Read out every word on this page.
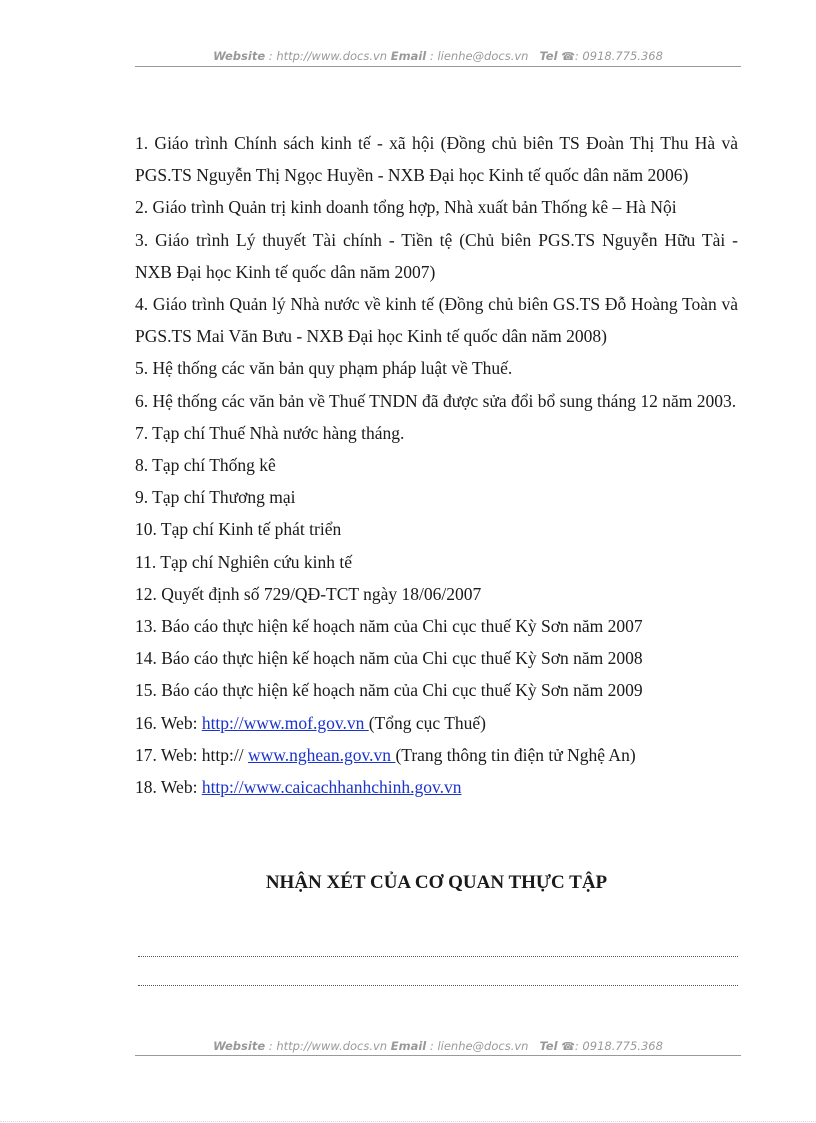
Website : http://www.docs.vn Email : lienhe@docs.vn Tel ☎: 0918.775.368

1. Giáo trình Chính sách kinh tế - xã hội (Đồng chủ biên TS Đoàn Thị Thu Hà và PGS.TS Nguyễn Thị Ngọc Huyền - NXB Đại học Kinh tế quốc dân năm 2006)

2. Giáo trình Quản trị kinh doanh tổng hợp, Nhà xuất bản Thống kê – Hà Nội

3. Giáo trình Lý thuyết Tài chính - Tiền tệ (Chủ biên PGS.TS Nguyễn Hữu Tài - NXB Đại học Kinh tế quốc dân năm 2007)

4. Giáo trình Quản lý Nhà nước về kinh tế (Đồng chủ biên GS.TS Đỗ Hoàng Toàn và PGS.TS Mai Văn Bưu - NXB Đại học Kinh tế quốc dân năm 2008)

5. Hệ thống các văn bản quy phạm pháp luật về Thuế.

6. Hệ thống các văn bản về Thuế TNDN đã được sửa đổi bổ sung tháng 12 năm 2003.

7. Tạp chí Thuế Nhà nước hàng tháng.

8. Tạp chí Thống kê

9. Tạp chí Thương mại

10. Tạp chí Kinh tế phát triển

11. Tạp chí Nghiên cứu kinh tế

12. Quyết định số 729/QĐ-TCT ngày 18/06/2007

13. Báo cáo thực hiện kế hoạch năm của Chi cục thuế Kỳ Sơn năm 2007

14. Báo cáo thực hiện kế hoạch năm của Chi cục thuế Kỳ Sơn năm 2008

15. Báo cáo thực hiện kế hoạch năm của Chi cục thuế Kỳ Sơn năm 2009

16. Web: http://www.mof.gov.vn (Tổng cục Thuế)

17. Web: http:// www.nghean.gov.vn (Trang thông tin điện tử Nghệ An)

18. Web: http://www.caicachhanhchinh.gov.vn

NHẬN XÉT CỦA CƠ QUAN THỰC TẬP
Website : http://www.docs.vn Email : lienhe@docs.vn Tel ☎: 0918.775.368
